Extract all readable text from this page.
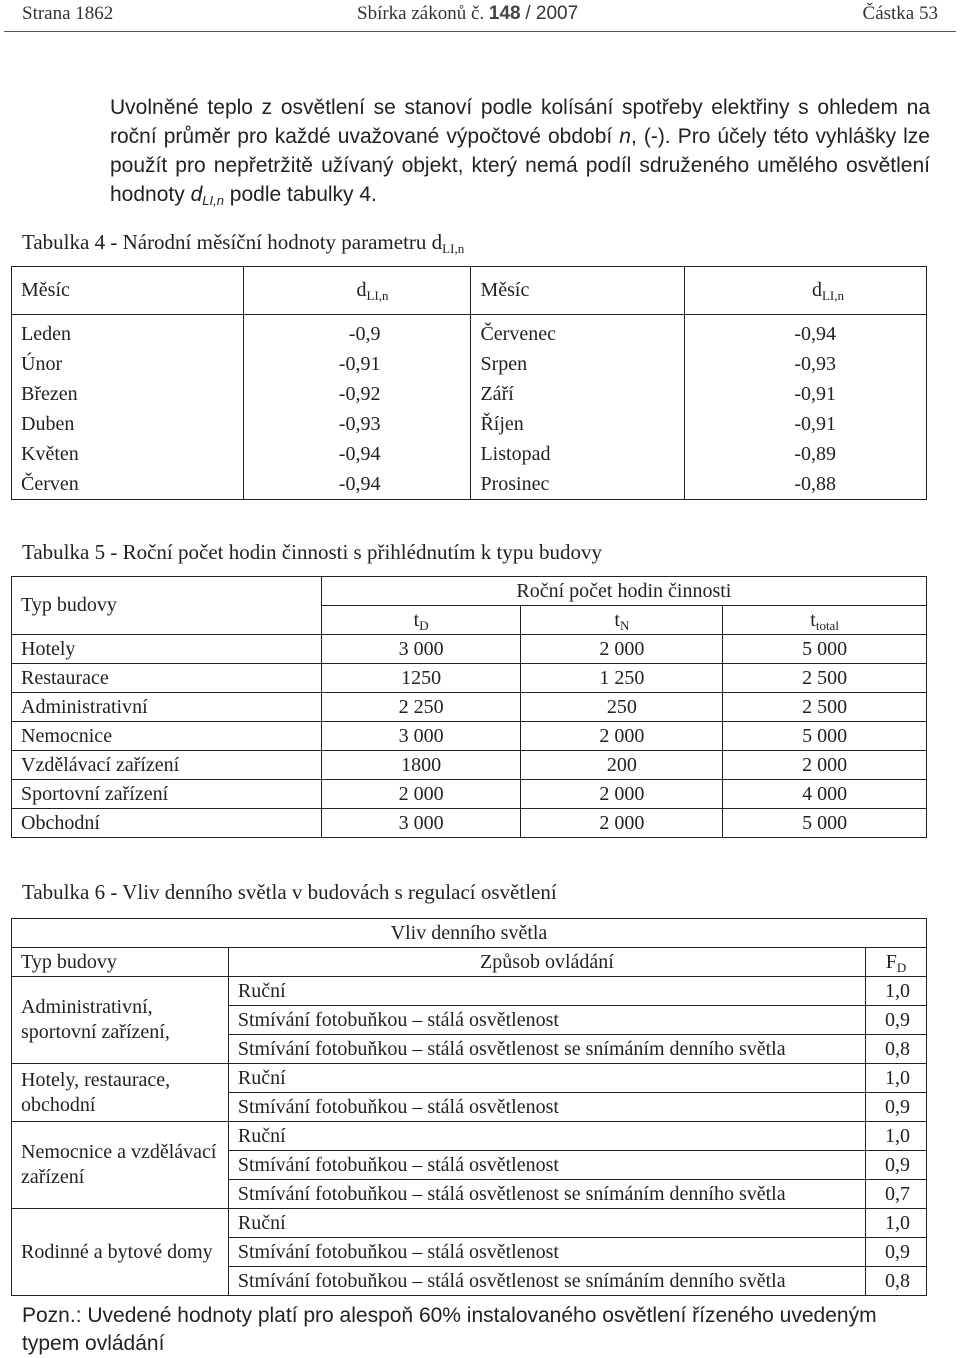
Strana 1862	Sbírka zákonů č. 148 / 2007	Částka 53

Uvolněné teplo z osvětlení se stanoví podle kolísání spotřeby elektřiny s ohledem na roční průměr pro každé uvažované výpočtové období n, (-). Pro účely této vyhlášky lze použít pro nepřetržitě užívaný objekt, který nemá podíl sdruženého umělého osvětlení hodnoty $d_{LI,n}$ podle tabulky 4.

Tabulka 4 - Národní měsíční hodnoty parametru $d_{LI,n}$
Měsíc	$d_{LI,n}$	Měsíc	$d_{LI,n}$
Leden	-0,9	Červenec	-0,94
Únor	-0,91	Srpen	-0,93
Březen	-0,92	Září	-0,91
Duben	-0,93	Říjen	-0,91
Květen	-0,94	Listopad	-0,89
Červen	-0,94	Prosinec	-0,88
Tabulka 5 - Roční počet hodin činnosti s přihlédnutím k typu budovy
Typ budovy	Roční počet hodin činnosti		
	$t_D$	$t_N$	$t_{total}$
Hotely	3 000	2 000	5 000
Restaurace	1250	1 250	2 500
Administrativní	2 250	250	2 500
Nemocnice	3 000	2 000	5 000
Vzdělávací zařízení	1800	200	2 000
Sportovní zařízení	2 000	2 000	4 000
Obchodní	3 000	2 000	5 000
Tabulka 6 - Vliv denního světla v budovách s regulací osvětlení
Vliv denního světla		
Typ budovy	Způsob ovládání	$F_D$
Administrativní, sportovní zařízení,	Ruční	1,0
	Stmívání fotobuňkou – stálá osvětlenost	0,9
	Stmívání fotobuňkou – stálá osvětlenost se snímáním denního světla	0,8
Hotely, restaurace, obchodní	Ruční	1,0
	Stmívání fotobuňkou – stálá osvětlenost	0,9
Nemocnice a vzdělávací zařízení	Ruční	1,0
	Stmívání fotobuňkou – stálá osvětlenost	0,9
	Stmívání fotobuňkou – stálá osvětlenost se snímáním denního světla	0,7
Rodinné a bytové domy	Ruční	1,0
	Stmívání fotobuňkou – stálá osvětlenost	0,9
	Stmívání fotobuňkou – stálá osvětlenost se snímáním denního světla	0,8
Pozn.: Uvedené hodnoty platí pro alespoň 60% instalovaného osvětlení řízeného uvedeným typem ovládání
